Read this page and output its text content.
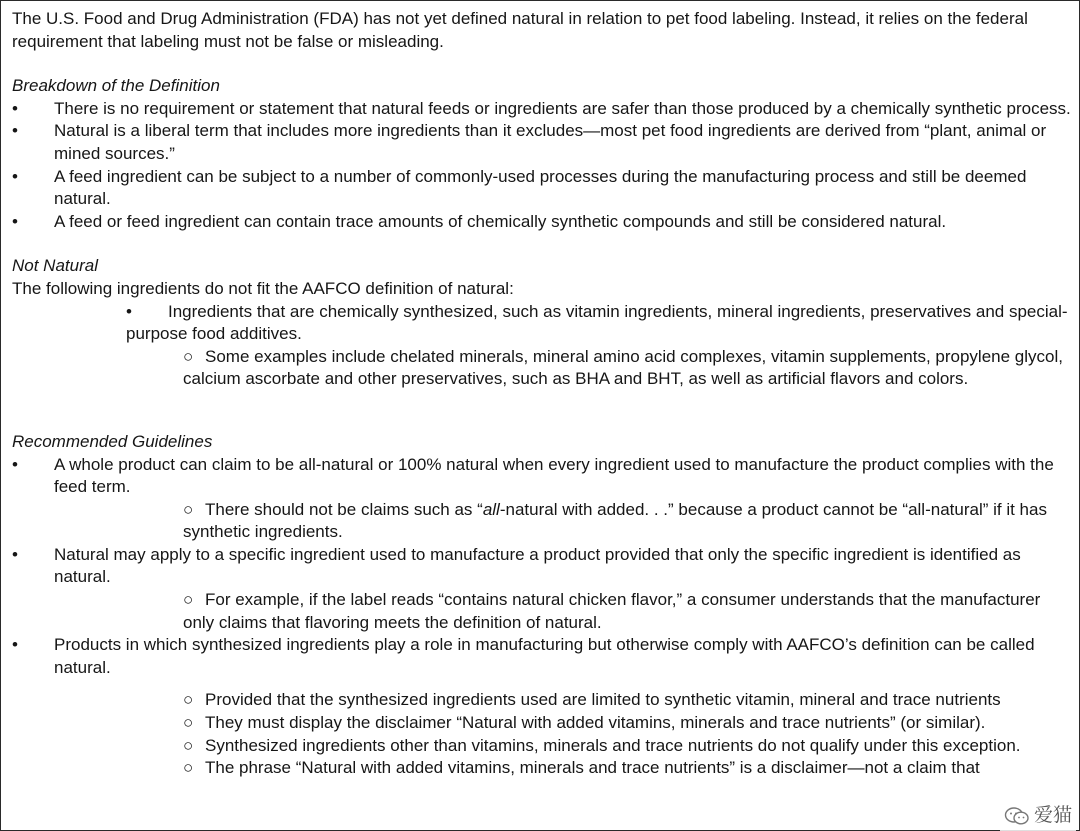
The U.S. Food and Drug Administration (FDA) has not yet defined natural in relation to pet food labeling. Instead, it relies on the federal requirement that labeling must not be false or misleading.

Breakdown of the Definition

• There is no requirement or statement that natural feeds or ingredients are safer than those produced by a chemically synthetic process.

• Natural is a liberal term that includes more ingredients than it excludes—most pet food ingredients are derived from “plant, animal or mined sources.”

• A feed ingredient can be subject to a number of commonly-used processes during the manufacturing process and still be deemed natural.

• A feed or feed ingredient can contain trace amounts of chemically synthetic compounds and still be considered natural.

Not Natural

The following ingredients do not fit the AAFCO definition of natural:

• Ingredients that are chemically synthesized, such as vitamin ingredients, mineral ingredients, preservatives and special-purpose food additives.

○ Some examples include chelated minerals, mineral amino acid complexes, vitamin supplements, propylene glycol, calcium ascorbate and other preservatives, such as BHA and BHT, as well as artificial flavors and colors.

Recommended Guidelines

• A whole product can claim to be all-natural or 100% natural when every ingredient used to manufacture the product complies with the feed term.

○ There should not be claims such as “all-natural with added. . .” because a product cannot be “all-natural” if it has synthetic ingredients.

• Natural may apply to a specific ingredient used to manufacture a product provided that only the specific ingredient is identified as natural.

○ For example, if the label reads “contains natural chicken flavor,” a consumer understands that the manufacturer only claims that flavoring meets the definition of natural.

• Products in which synthesized ingredients play a role in manufacturing but otherwise comply with AAFCO’s definition can be called natural.

○ Provided that the synthesized ingredients used are limited to synthetic vitamin, mineral and trace nutrients

○ They must display the disclaimer “Natural with added vitamins, minerals and trace nutrients” (or similar).

○ Synthesized ingredients other than vitamins, minerals and trace nutrients do not qualify under this exception.

○ The phrase “Natural with added vitamins, minerals and trace nutrients” is a disclaimer—not a claim that

爱猫
